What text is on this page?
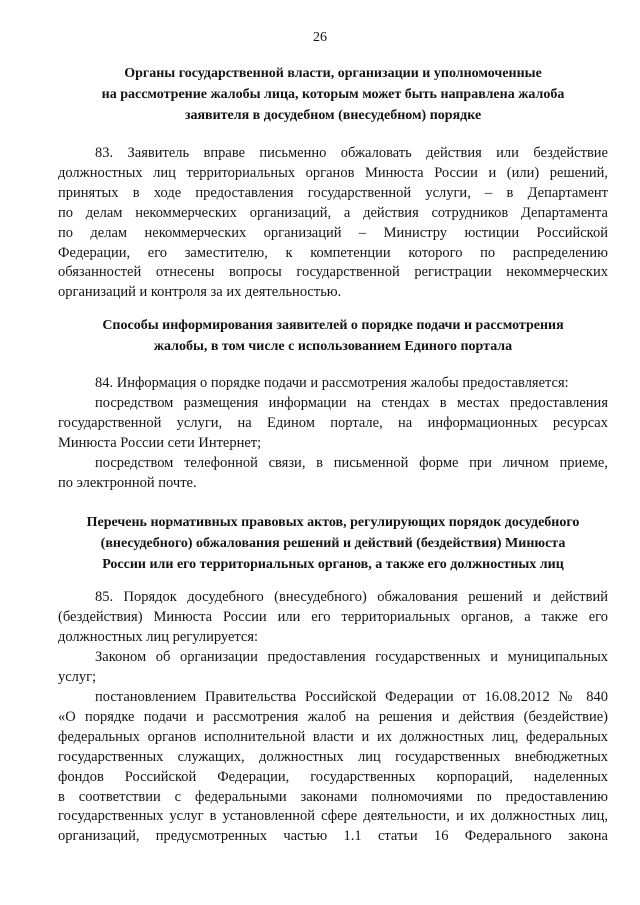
26
Органы государственной власти, организации и уполномоченные
на рассмотрение жалобы лица, которым может быть направлена жалоба
заявителя в досудебном (внесудебном) порядке
83. Заявитель вправе письменно обжаловать действия или бездействие
должностных лиц территориальных органов Минюста России и (или) решений,
принятых в ходе предоставления государственной услуги, – в Департамент
по делам некоммерческих организаций, а действия сотрудников Департамента
по делам некоммерческих организаций – Министру юстиции Российской
Федерации, его заместителю, к компетенции которого по распределению
обязанностей отнесены вопросы государственной регистрации некоммерческих
организаций и контроля за их деятельностью.
Способы информирования заявителей о порядке подачи и рассмотрения
жалобы, в том числе с использованием Единого портала
84. Информация о порядке подачи и рассмотрения жалобы предоставляется:
посредством размещения информации на стендах в местах предоставления
государственной услуги, на Едином портале, на информационных ресурсах
Минюста России сети Интернет;
посредством телефонной связи, в письменной форме при личном приеме,
по электронной почте.
Перечень нормативных правовых актов, регулирующих порядок досудебного
(внесудебного) обжалования решений и действий (бездействия) Минюста
России или его территориальных органов, а также его должностных лиц
85. Порядок досудебного (внесудебного) обжалования решений и действий
(бездействия) Минюста России или его территориальных органов, а также его
должностных лиц регулируется:
Законом об организации предоставления государственных и муниципальных
услуг;
постановлением Правительства Российской Федерации от 16.08.2012 № 840
«О порядке подачи и рассмотрения жалоб на решения и действия (бездействие)
федеральных органов исполнительной власти и их должностных лиц, федеральных
государственных служащих, должностных лиц государственных внебюджетных
фондов Российской Федерации, государственных корпораций, наделенных
в соответствии с федеральными законами полномочиями по предоставлению
государственных услуг в установленной сфере деятельности, и их должностных лиц,
организаций, предусмотренных частью 1.1 статьи 16 Федерального закона
